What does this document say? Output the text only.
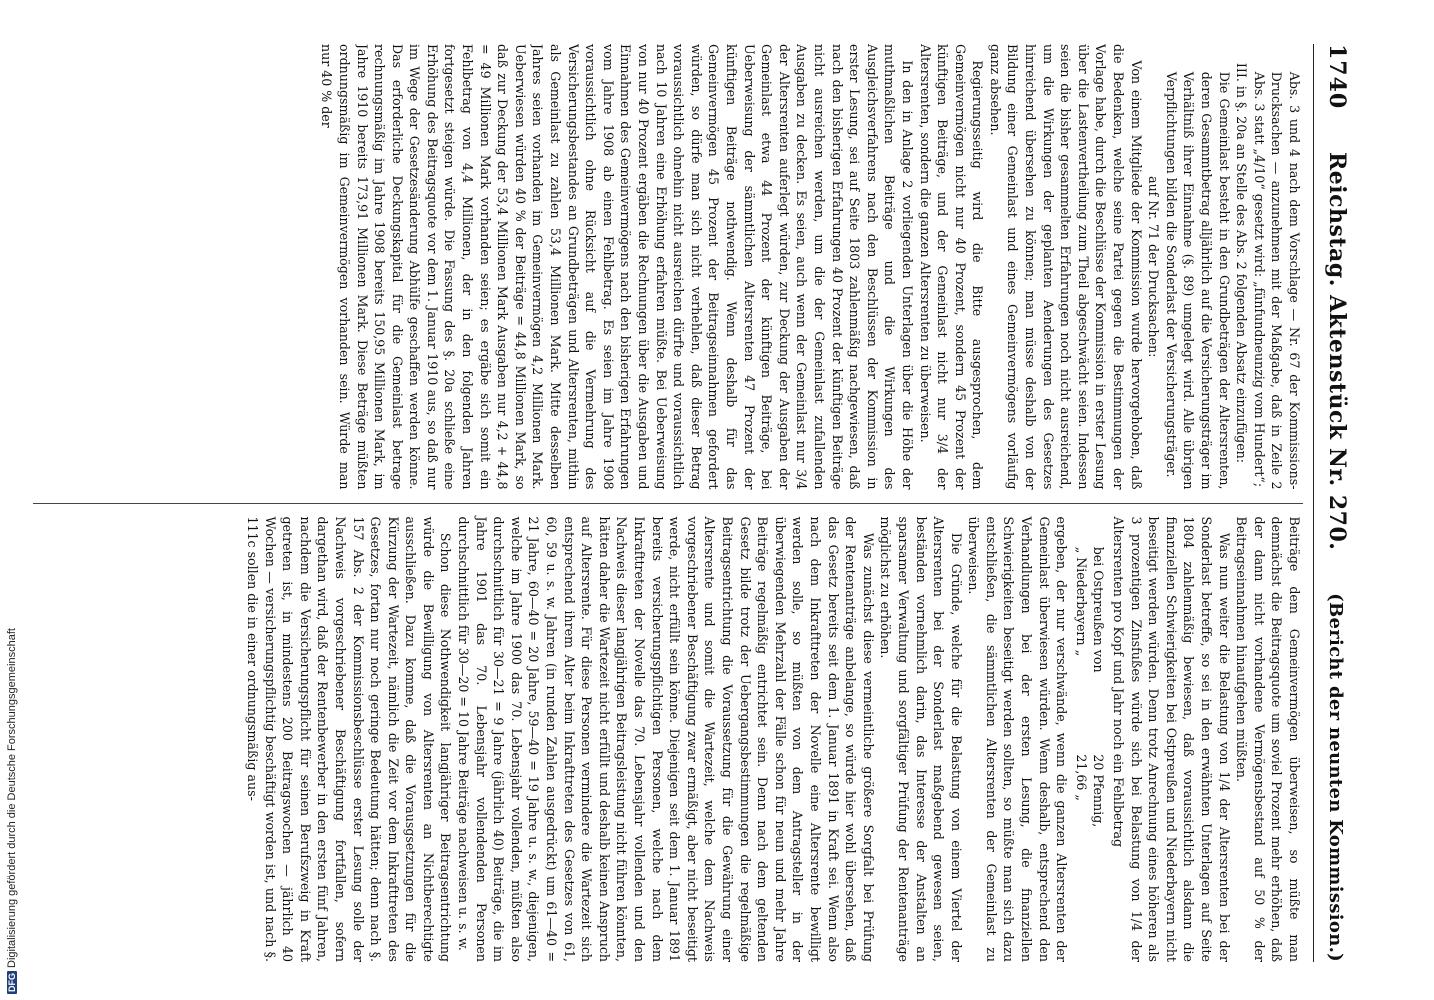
DFGDigitalisierung gefördert durch die Deutsche Forschungsgemeinschaft
1740
Reichstag. Aktenstück Nr. 270.
(Bericht der neunten Kommission.)

Abs. 3 und 4 nach dem Vorschlage — Nr. 67 der Kommissions-Drucksachen — anzunehmen mit der Maßgabe, daß in Zeile 2 Abs. 3 statt „4/10“ gesetzt wird: „fünfundneunzig vom Hundert“;

III. in §. 20a an Stelle des Abs. 2 folgenden Absatz einzufügen:

Die Gemeinlast besteht in den Grundbeträgen der Altersrenten, deren Gesammtbetrag alljährlich auf die Versicherungsträger im Verhältniß ihrer Einnahme (§. 89) umgelegt wird. Alle übrigen Verpflichtungen bilden die Sonderlast der Versicherungsträger.

auf Nr. 71 der Drucksachen:

Von einem Mitgliede der Kommission wurde hervorgehoben, daß die Bedenken, welche seine Partei gegen die Bestimmungen der Vorlage habe, durch die Beschlüsse der Kommission in erster Lesung über die Lastenvertheilung zum Theil abgeschwächt seien. Indessen seien die bisher gesammelten Erfahrungen noch nicht ausreichend, um die Wirkungen der geplanten Aenderungen des Gesetzes hinreichend übersehen zu können; man müsse deshalb von der Bildung einer Gemeinlast und eines Gemeinvermögens vorläufig ganz absehen.

Regierungsseitig wird die Bitte ausgesprochen, dem Gemeinvermögen nicht nur 40 Prozent, sondern 45 Prozent der künftigen Beiträge, und der Gemeinlast nicht nur 3/4 der Altersrenten, sondern die ganzen Altersrenten zu überweisen.

In den in Anlage 2 vorliegenden Unterlagen über die Höhe der muthmaßlichen Beiträge und die Wirkungen des Ausgleichsverfahrens nach den Beschlüssen der Kommission in erster Lesung, sei auf Seite 1803 zahlenmäßig nachgewiesen, daß nach den bisherigen Erfahrungen 40 Prozent der künftigen Beiträge nicht ausreichen werden, um die der Gemeinlast zufallenden Ausgaben zu decken. Es seien, auch wenn der Gemeinlast nur 3/4 der Altersrenten auferlegt würden, zur Deckung der Ausgaben der Gemeinlast etwa 44 Prozent der künftigen Beiträge, bei Ueberweisung der sämmtlichen Altersrenten 47 Prozent der künftigen Beiträge nothwendig. Wenn deshalb für das Gemeinvermögen 45 Prozent der Beitragseinnahmen gefordert würden, so dürfe man sich nicht verhehlen, daß dieser Betrag voraussichtlich ohnehin nicht ausreichen dürfte und voraussichtlich nach 10 Jahren eine Erhöhung erfahren müßte. Bei Ueberweisung von nur 40 Prozent ergäben die Rechnungen über die Ausgaben und Einnahmen des Gemeinvermögens nach den bisherigen Erfahrungen vom Jahre 1908 ab einen Fehlbetrag. Es seien im Jahre 1908 voraussichtlich ohne Rücksicht auf die Vermehrung des Versicherungsbestandes an Grundbeträgen und Altersrenten, mithin als Gemeinlast zu zahlen 53,4 Millionen Mark. Mitte desselben Jahres seien vorhanden im Gemeinvermögen 4,2 Millionen Mark. Ueberwiesen würden 40 % der Beiträge = 44,8 Millionen Mark, so daß zur Deckung der 53,4 Millionen Mark Ausgaben nur 4,2 + 44,8 = 49 Millionen Mark vorhanden seien; es ergäbe sich somit ein Fehlbetrag von 4,4 Millionen, der in den folgenden Jahren fortgesetzt steigen würde. Die Fassung des §. 20a schließe eine Erhöhung des Beitragsquote vor dem 1. Januar 1910 aus, so daß nur im Wege der Gesetzesänderung Abhülfe geschaffen werden könne. Das erforderliche Deckungskapital für die Gemeinlast betrage rechnungsmäßig im Jahre 1908 bereits 150,95 Millionen Mark, im Jahre 1910 bereits 173,91 Millionen Mark. Diese Beträge müßten ordnungsmäßig im Gemeinvermögen vorhanden sein. Würde man nur 40 % der

Beiträge dem Gemeinvermögen überweisen, so müßte man demnächst die Beitragsquote um soviel Prozent mehr erhöhen, daß der dann nicht vorhandene Vermögensbestand auf 50 % der Beitragseinnahmen hinaufgehen müßten.

Was nun weiter die Belastung von 1/4 der Altersrenten bei der Sonderlast betreffe, so sei in den erwähnten Unterlagen auf Seite 1804 zahlenmäßig bewiesen, daß voraussichtlich alsdann die finanziellen Schwierigkeiten bei Ostpreußen und Niederbayern nicht beseitigt werden würden. Denn trotz Anrechnung eines höheren als 3 prozentigen Zinsfußes würde sich bei Belastung von 1/4 der Altersrenten pro Kopf und Jahr noch ein Fehlbetrag

bei Ostpreußen von
20 Pfennig,
„ Niederbayern „
21,66 „

ergeben, der nur verschwände, wenn die ganzen Altersrenten der Gemeinlast überwiesen würden. Wenn deshalb, entsprechend den Verhandlungen bei der ersten Lesung, die finanziellen Schwierigkeiten beseitigt werden sollten, so müßte man sich dazu entschließen, die sämmtlichen Altersrenten der Gemeinlast zu überweisen.

Die Gründe, welche für die Belastung von einem Viertel der Altersrenten bei der Sonderlast maßgebend gewesen seien, beständen vornehmlich darin, das Interesse der Anstalten an sparsamer Verwaltung und sorgfältiger Prüfung der Rentenanträge möglichst zu erhöhen.

Was zunächst diese vermeintliche größere Sorgfalt bei Prüfung der Rentenanträge anbelange, so würde hier wohl übersehen, daß das Gesetz bereits seit dem 1. Januar 1891 in Kraft sei. Wenn also nach dem Inkrafttreten der Novelle eine Altersrente bewilligt werden solle, so müßten von dem Antragsteller in der überwiegenden Mehrzahl der Fälle schon für neun und mehr Jahre Beiträge regelmäßig entrichtet sein. Denn nach dem geltenden Gesetz bilde trotz der Uebergangsbestimmungen die regelmäßige Beitragsentrichtung die Voraussetzung für die Gewährung einer Altersrente und somit die Wartezeit, welche dem Nachweis vorgeschriebener Beschäftigung zwar ermäßigt, aber nicht beseitigt werde, nicht erfüllt sein könne. Diejenigen seit dem 1. Januar 1891 bereits versicherungspflichtigen Personen, welche nach dem Inkrafttreten der Novelle das 70. Lebensjahr vollenden und den Nachweis dieser langjährigen Beitragsleistung nicht führen könnten, hätten daher die Wartezeit nicht erfüllt und deshalb keinen Anspruch auf Altersrente. Für diese Personen vermindere die Wartezeit sich entsprechend ihrem Alter beim Inkrafttreten des Gesetzes von 61, 60, 59 u. s. w. Jahren (in runden Zahlen ausgedrückt) um 61—40 = 21 Jahre, 60—40 = 20 Jahre, 59—40 = 19 Jahre u. s. w., diejenigen, welche im Jahre 1900 das 70. Lebensjahr vollenden, müßten also durchschnittlich für 30—21 = 9 Jahre (jährlich 40) Beiträge, die im Jahre 1901 das 70. Lebensjahr vollendenden Personen durchschnittlich für 30—20 = 10 Jahre Beiträge nachweisen u. s. w.

Schon diese Nothwendigkeit langjähriger Beitragsentrichtung würde die Bewilligung von Altersrenten an Nichtberechtigte ausschließen. Dazu komme, daß die Vorausgsetzungen für die Kürzung der Wartezeit, nämlich die Zeit vor dem Inkrafttreten des Gesetzes, fortan nur noch geringe Bedeutung hätten; denn nach §. 157 Abs. 2 der Kommissionsbeschlüsse erster Lesung solle der Nachweis vorgeschriebener Beschäftigung fortfallen, sofern dargethan wird, daß der Rentenbewerber in den ersten fünf Jahren, nachdem die Versicherungspflicht für seinen Berufszweig in Kraft getreten ist, in mindestens 200 Beitragswochen — jährlich 40 Wochen — versicherungspflichtig beschäftigt worden ist, und nach §. 111c sollen die in einer ordnungsmäßig aus-
